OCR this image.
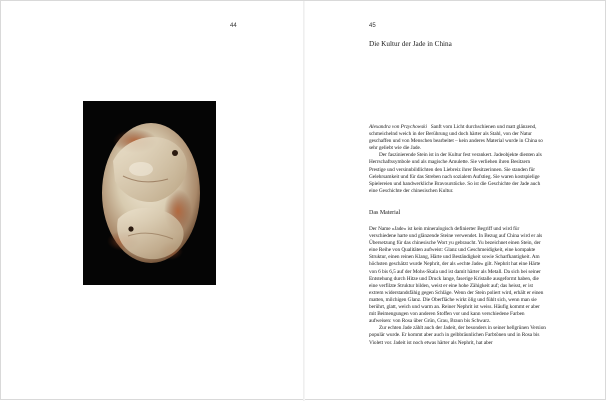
44	45
Die Kultur der Jade in China

Alexandra von Przychowski Sanft vom Licht durchschienen und matt glänzend, schmeichelnd weich in der Berührung und doch härter als Stahl, von der Natur geschaffen und von Menschen bearbeitet – kein anderes Material wurde in China so sehr geliebt wie die Jade.

Der faszinierende Stein ist in der Kultur fest verankert. Jadeobjekte dienten als Herrschaftssymbole und als magische Amulette. Sie verliehen ihren Besitzern Prestige und versinnbildlichten den Liebreiz ihrer Besitzerinnen. Sie standen für Gelehrsamkeit und für das Streben nach sozialem Aufstieg. Sie waren kostspielige Spielereien und handwerkliche Bravourstücke. So ist die Geschichte der Jade auch eine Geschichte der chinesischen Kultur.

Das Material

Der Name «Jade» ist kein mineralogisch definierter Begriff und wird für verschiedene harte und glänzende Steine verwendet. In Bezug auf China wird er als Übersetzung für das chinesische Wort yu gebraucht. Yu bezeichnet einen Stein, der eine Reihe von Qualitäten aufweist: Glanz und Geschmeidigkeit, eine kompakte Struktur, einen reinen Klang, Härte und Beständigkeit sowie Scharfkantigkeit. Am höchsten geschätzt wurde Nephrit, der als «echte Jade» gilt. Nephrit hat eine Härte von 6 bis 6,5 auf der Mohs-Skala und ist damit härter als Metall. Da sich bei seiner Entstehung durch Hitze und Druck lange, faserige Kristalle ausgeformt haben, die eine verfilzte Struktur bilden, weist er eine hohe Zähigkeit auf; das heisst, er ist extrem widerstandsfähig gegen Schläge. Wenn der Stein poliert wird, erhält er einen matten, milchigen Glanz. Die Oberfläche wirkt ölig und fühlt sich, wenn man sie berührt, glatt, weich und warm an. Reiner Nephrit ist weiss. Häufig kommt er aber mit Beimengungen von anderen Stoffen vor und kann verschiedene Farben aufweisen: von Rosa über Grün, Grau, Braun bis Schwarz.

Zur echten Jade zählt auch der Jadeit, der besonders in seiner hellgrünen Version populär wurde. Er kommt aber auch in gelbbräunlichen Farbtönen und in Rosa bis Violett vor. Jadeit ist noch etwas härter als Nephrit, hat aber
